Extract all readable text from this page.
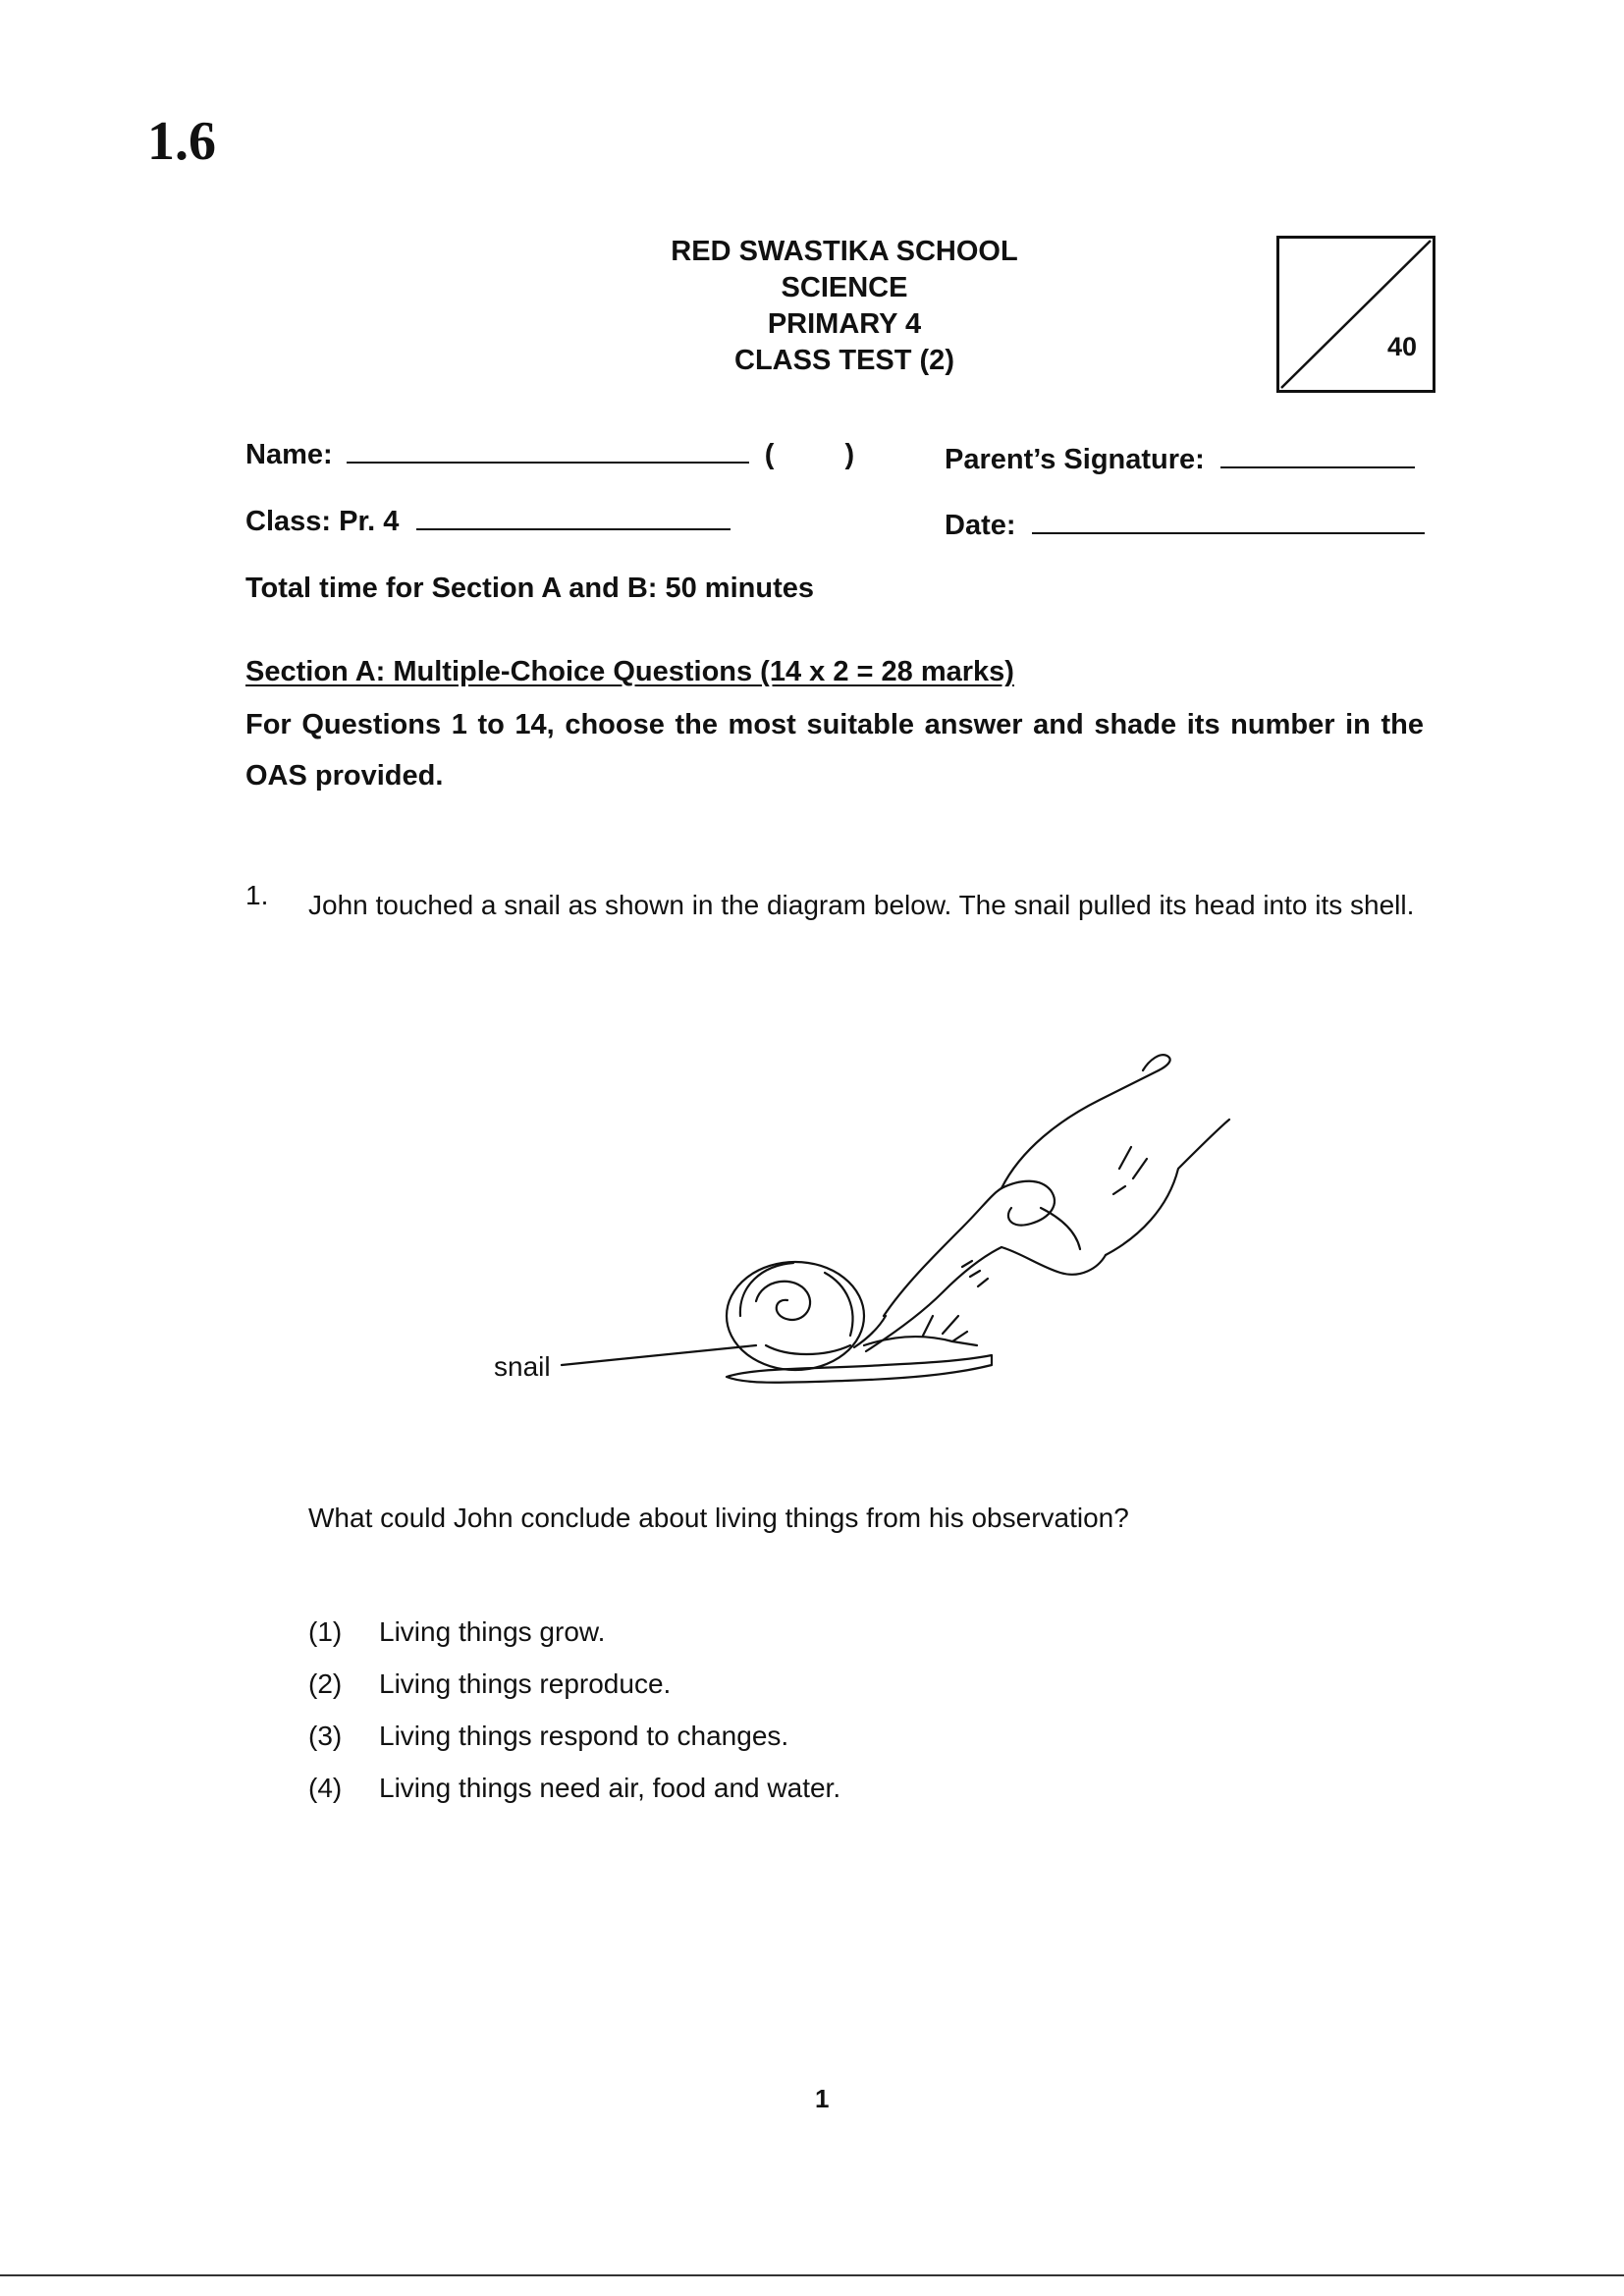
1.6
RED SWASTIKA SCHOOL
SCIENCE
PRIMARY 4
CLASS TEST (2)	40
Name:	( )	Parent’s Signature:
Class: Pr. 4	Date:
Total time for Section A and B: 50 minutes
Section A: Multiple-Choice Questions (14 x 2 = 28 marks)
For Questions 1 to 14, choose the most suitable answer and shade its number in the OAS provided.
1. John touched a snail as shown in the diagram below. The snail pulled its head into its shell.
snail
What could John conclude about living things from his observation?
(1) Living things grow.
(2) Living things reproduce.
(3) Living things respond to changes.
(4) Living things need air, food and water.
1
